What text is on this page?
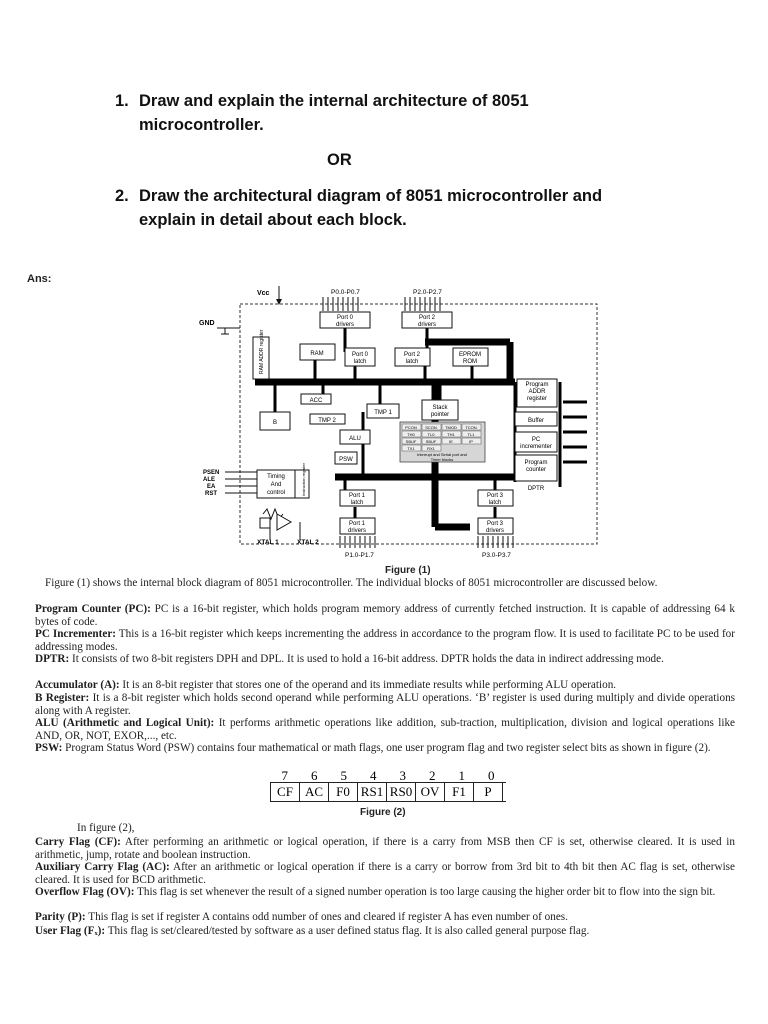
1. Draw and explain the internal architecture of 8051
microcontroller.
OR
2. Draw the architectural diagram of 8051 microcontroller and
explain in detail about each block.
Ans:
Vcc
GND
P0.0-P0.7	P2.0-P2.7
PCON SCON TMOD TCON
TH0	TL0	TH1	TL1
SBUF SBUF	IE	IP
TX1	RX1
Interrupt and Serial port and
Timer blocks
Port 0
drivers
Port 2
drivers
RAM	Port 0
latch
Port 2
latch
EPROM
ROM
Program
ADDR
register
ACC
B	TMP 2
TMP 1
Stack
pointer
Buffer
ALU	PC
incrementer
PSW	Program
counter
DPTR
Timing
And
control	Port 1
latch
Port 3
latch
Port 1
drivers
Port 3
drivers
RAM ADDR register
Instruction register
PSEN
ALE
EA
RST
XTAL 1	XTAL 2
P1.0-P1.7	P3.0-P3.7
Figure (1)
Figure (1) shows the internal block diagram of 8051 microcontroller. The individual blocks of 8051 microcontroller are discussed below.
Program Counter (PC): PC is a 16-bit register, which holds program memory address of currently fetched instruction. It is capable of addressing 64 k bytes of code.
PC Incrementer: This is a 16-bit register which keeps incrementing the address in accordance to the program flow. It is used to facilitate PC to be used for addressing modes.
DPTR: It consists of two 8-bit registers DPH and DPL. It is used to hold a 16-bit address. DPTR holds the data in indirect addressing mode.
Accumulator (A): It is an 8-bit register that stores one of the operand and its immediate results while performing ALU operation.
B Register: It is a 8-bit register which holds second operand while performing ALU operations. ‘B’ register is used during multiply and divide operations along with A register.
ALU (Arithmetic and Logical Unit): It performs arithmetic operations like addition, sub-traction, multiplication, division and logical operations like AND, OR, NOT, EXOR,..., etc.
PSW: Program Status Word (PSW) contains four mathematical or math flags, one user program flag and two register select bits as shown in figure (2).
7	6	5	4	3	2	1	0
CF AC	F0 RS1 RS0 OV F1	P
Figure (2)
In figure (2),
Carry Flag (CF): After performing an arithmetic or logical operation, if there is a carry from MSB then CF is set, otherwise cleared. It is used in arithmetic, jump, rotate and boolean instruction.
Auxiliary Carry Flag (AC): After an arithmetic or logical operation if there is a carry or borrow from 3rd bit to 4th bit then AC flag is set, otherwise cleared. It is used for BCD arithmetic.
Overflow Flag (OV): This flag is set whenever the result of a signed number operation is too large causing the higher order bit to flow into the sign bit.
Parity (P): This flag is set if register A contains odd number of ones and cleared if register A has even number of ones.
User Flag (Fₓ): This flag is set/cleared/tested by software as a user defined status flag. It is also called general purpose flag.
